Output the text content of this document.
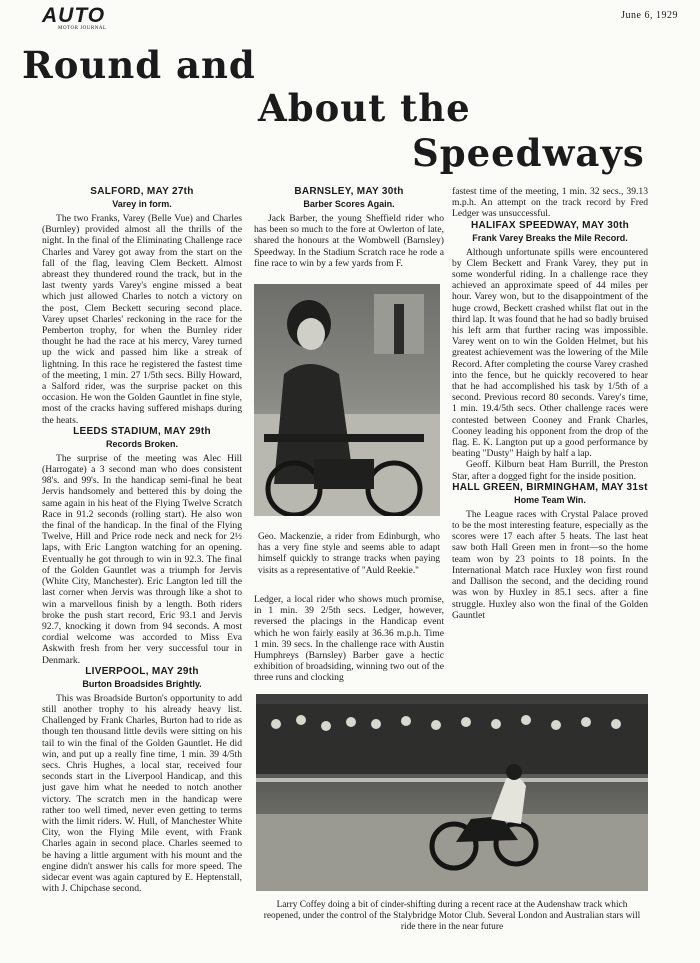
AUTO
MOTOR JOURNAL
June 6, 1929
Round and
About the
Speedways
SALFORD, MAY 27th
Varey in form.

The two Franks, Varey (Belle Vue) and Charles (Burnley) provided almost all the thrills of the night. In the final of the Eliminating Challenge race Charles and Varey got away from the start on the fall of the flag, leaving Clem Beckett. Almost abreast they thundered round the track, but in the last twenty yards Varey's engine missed a beat which just allowed Charles to notch a victory on the post, Clem Beckett securing second place. Varey upset Charles' reckoning in the race for the Pemberton trophy, for when the Burnley rider thought he had the race at his mercy, Varey turned up the wick and passed him like a streak of lightning. In this race he registered the fastest time of the meeting, 1 min. 27 1/5th secs. Billy Howard, a Salford rider, was the surprise packet on this occasion. He won the Golden Gauntlet in fine style, most of the cracks having suffered mishaps during the heats.

LEEDS STADIUM, MAY 29th
Records Broken.

The surprise of the meeting was Alec Hill (Harrogate) a 3 second man who does consistent 98's. and 99's. In the handicap semi-final he beat Jervis handsomely and bettered this by doing the same again in his heat of the Flying Twelve Scratch Race in 91.2 seconds (rolling start). He also won the final of the handicap. In the final of the Flying Twelve, Hill and Price rode neck and neck for 2½ laps, with Eric Langton watching for an opening. Eventually he got through to win in 92.3. The final of the Golden Gauntlet was a triumph for Jervis (White City, Manchester). Eric Langton led till the last corner when Jervis was through like a shot to win a marvellous finish by a length. Both riders broke the push start record, Eric 93.1 and Jervis 92.7, knocking it down from 94 seconds. A most cordial welcome was accorded to Miss Eva Askwith fresh from her very successful tour in Denmark.

LIVERPOOL, MAY 29th
Burton Broadsides Brightly.

This was Broadside Burton's opportunity to add still another trophy to his already heavy list. Challenged by Frank Charles, Burton had to ride as though ten thousand little devils were sitting on his tail to win the final of the Golden Gauntlet. He did win, and put up a really fine time, 1 min. 39 4/5th secs. Chris Hughes, a local star, received four seconds start in the Liverpool Handicap, and this just gave him what he needed to notch another victory. The scratch men in the handicap were rather too well timed, never even getting to terms with the limit riders. W. Hull, of Manchester White City, won the Flying Mile event, with Frank Charles again in second place. Charles seemed to be having a little argument with his mount and the engine didn't answer his calls for more speed. The sidecar event was again captured by E. Heptenstall, with J. Chipchase second.

BARNSLEY, MAY 30th
Barber Scores Again.

Jack Barber, the young Sheffield rider who has been so much to the fore at Owlerton of late, shared the honours at the Wombwell (Barnsley) Speedway. In the Stadium Scratch race he rode a fine race to win by a few yards from F.

Geo. Mackenzie, a rider from Edinburgh, who has a very fine style and seems able to adapt himself quickly to strange tracks when paying visits as a representative of "Auld Reekie."

Ledger, a local rider who shows much promise, in 1 min. 39 2/5th secs. Ledger, however, reversed the placings in the Handicap event which he won fairly easily at 36.36 m.p.h. Time 1 min. 39 secs. In the challenge race with Austin Humphreys (Barnsley) Barber gave a hectic exhibition of broadsiding, winning two out of the three runs and clocking

fastest time of the meeting, 1 min. 32 secs., 39.13 m.p.h. An attempt on the track record by Fred Ledger was unsuccessful.

HALIFAX SPEEDWAY, MAY 30th
Frank Varey Breaks the Mile Record.

Although unfortunate spills were encountered by Clem Beckett and Frank Varey, they put in some wonderful riding. In a challenge race they achieved an approximate speed of 44 miles per hour. Varey won, but to the disappointment of the huge crowd, Beckett crashed whilst flat out in the third lap. It was found that he had so badly bruised his left arm that further racing was impossible. Varey went on to win the Golden Helmet, but his greatest achievement was the lowering of the Mile Record. After completing the course Varey crashed into the fence, but he quickly recovered to hear that he had accomplished his task by 1/5th of a second. Previous record 80 seconds. Varey's time, 1 min. 19.4/5th secs. Other challenge races were contested between Cooney and Frank Charles, Cooney leading his opponent from the drop of the flag. E. K. Langton put up a good performance by beating "Dusty" Haigh by half a lap.

Geoff. Kilburn beat Ham Burrill, the Preston Star, after a dogged fight for the inside position.

HALL GREEN, BIRMINGHAM, MAY 31st
Home Team Win.

The League races with Crystal Palace proved to be the most interesting feature, especially as the scores were 17 each after 5 heats. The last heat saw both Hall Green men in front—so the home team won by 23 points to 18 points. In the International Match race Huxley won first round and Dallison the second, and the deciding round was won by Huxley in 85.1 secs. after a fine struggle. Huxley also won the final of the Golden Gauntlet

Larry Coffey doing a bit of cinder-shifting during a recent race at the Audenshaw track which reopened, under the control of the Stalybridge Motor Club. Several London and Australian stars will ride there in the near future
